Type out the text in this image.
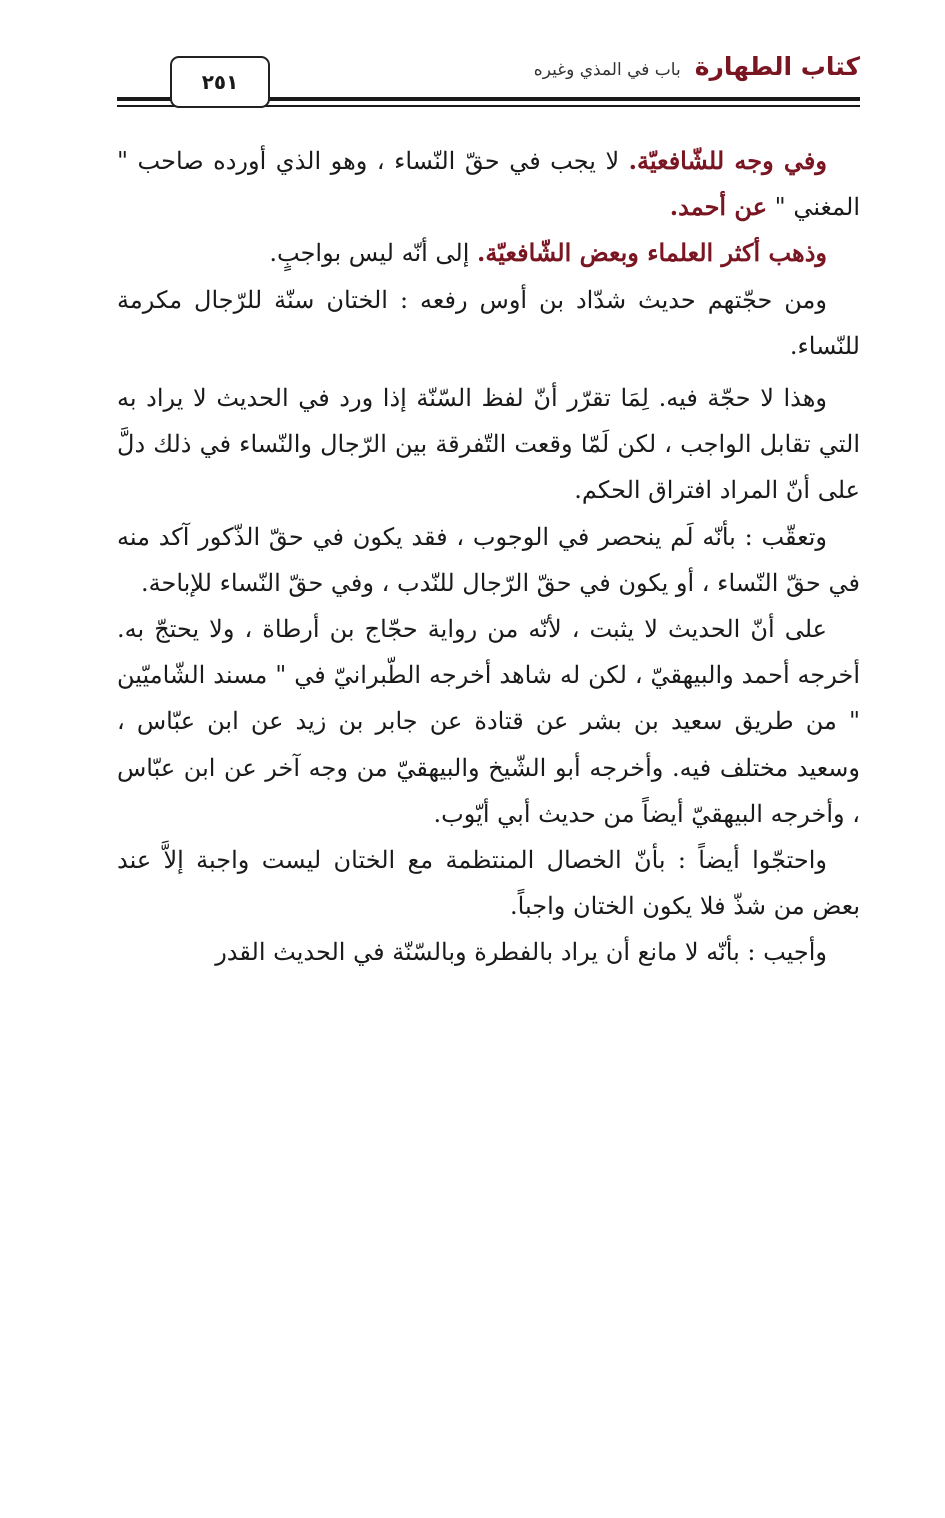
كتاب الطهارة
باب في المذي وغيره
٢٥١

وفي وجه للشّافعيّة. لا يجب في حقّ النّساء ، وهو الذي أورده صاحب " المغني " عن أحمد.

وذهب أكثر العلماء وبعض الشّافعيّة. إلى أنّه ليس بواجبٍ.

ومن حجّتهم حديث شدّاد بن أوس رفعه : الختان سنّة للرّجال مكرمة للنّساء.

وهذا لا حجّة فيه. لِمَا تقرّر أنّ لفظ السّنّة إذا ورد في الحديث لا يراد به التي تقابل الواجب ، لكن لَمّا وقعت التّفرقة بين الرّجال والنّساء في ذلك دلَّ على أنّ المراد افتراق الحكم.

وتعقّب : بأنّه لَم ينحصر في الوجوب ، فقد يكون في حقّ الذّكور آكد منه في حقّ النّساء ، أو يكون في حقّ الرّجال للنّدب ، وفي حقّ النّساء للإباحة.

على أنّ الحديث لا يثبت ، لأنّه من رواية حجّاج بن أرطاة ، ولا يحتجّ به. أخرجه أحمد والبيهقيّ ، لكن له شاهد أخرجه الطّبرانيّ في " مسند الشّاميّين " من طريق سعيد بن بشر عن قتادة عن جابر بن زيد عن ابن عبّاس ، وسعيد مختلف فيه. وأخرجه أبو الشّيخ والبيهقيّ من وجه آخر عن ابن عبّاس ، وأخرجه البيهقيّ أيضاً من حديث أبي أيّوب.

واحتجّوا أيضاً : بأنّ الخصال المنتظمة مع الختان ليست واجبة إلاَّ عند بعض من شذّ فلا يكون الختان واجباً.

وأجيب : بأنّه لا مانع أن يراد بالفطرة وبالسّنّة في الحديث القدر
